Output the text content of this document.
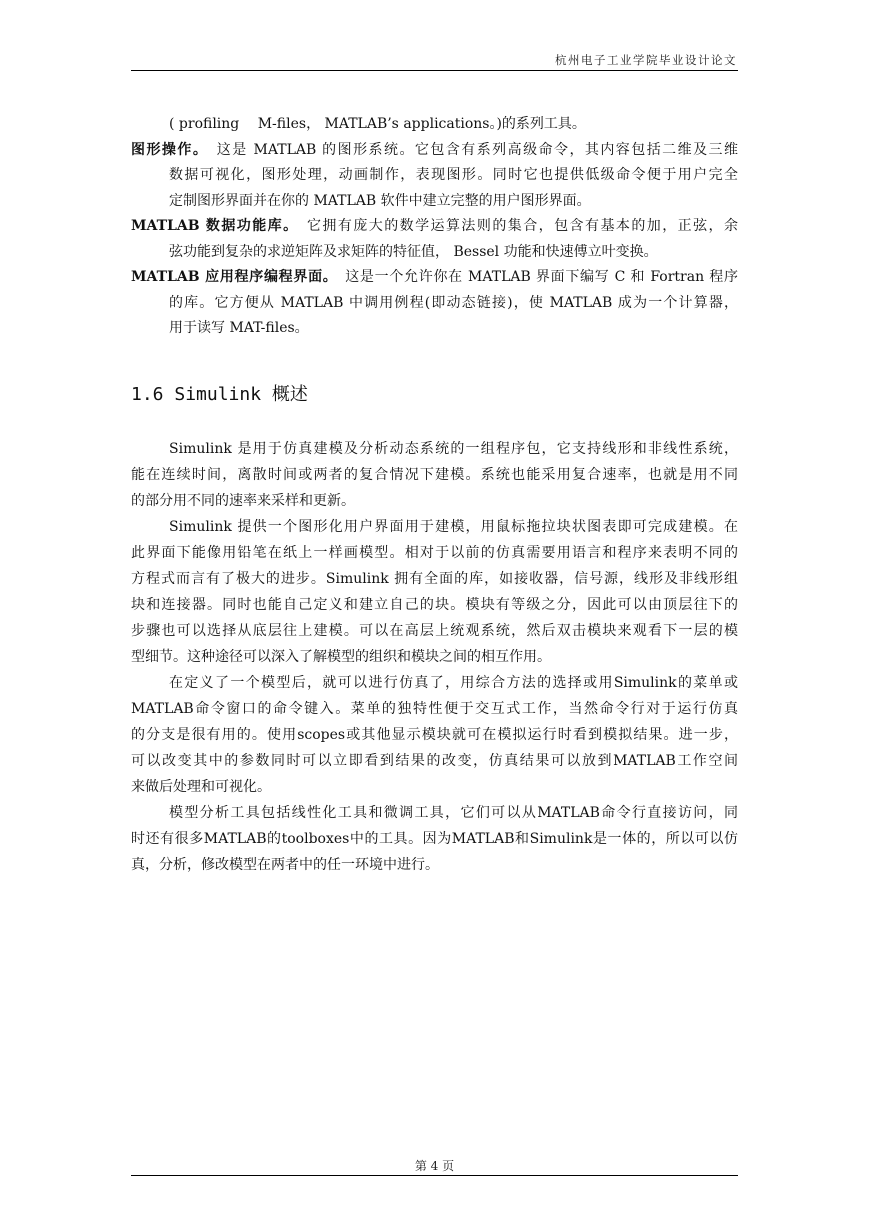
杭州电子工业学院毕业设计论文
( profiling　 M-files， MATLAB’s applications。)的系列工具。
图形操作。　这是 MATLAB 的图形系统。它包含有系列高级命令，其内容包括二维及三维
数据可视化，图形处理，动画制作，表现图形。同时它也提供低级命令便于用户完全
定制图形界面并在你的 MATLAB 软件中建立完整的用户图形界面。
MATLAB 数据功能库。　它拥有庞大的数学运算法则的集合，包含有基本的加，正弦，余
弦功能到复杂的求逆矩阵及求矩阵的特征值， Bessel 功能和快速傅立叶变换。
MATLAB 应用程序编程界面。　这是一个允许你在 MATLAB 界面下编写 C 和 Fortran 程序
的库。它方便从 MATLAB 中调用例程(即动态链接)，使 MATLAB 成为一个计算器，
用于读写 MAT-files。
1.6 Simulink 概述
Simulink 是用于仿真建模及分析动态系统的一组程序包，它支持线形和非线性系统，
能在连续时间，离散时间或两者的复合情况下建模。系统也能采用复合速率，也就是用不同
的部分用不同的速率来采样和更新。
Simulink 提供一个图形化用户界面用于建模，用鼠标拖拉块状图表即可完成建模。在
此界面下能像用铅笔在纸上一样画模型。相对于以前的仿真需要用语言和程序来表明不同的
方程式而言有了极大的进步。Simulink 拥有全面的库，如接收器，信号源，线形及非线形组
块和连接器。同时也能自己定义和建立自己的块。模块有等级之分，因此可以由顶层往下的
步骤也可以选择从底层往上建模。可以在高层上统观系统，然后双击模块来观看下一层的模
型细节。这种途径可以深入了解模型的组织和模块之间的相互作用。
在定义了一个模型后，就可以进行仿真了，用综合方法的选择或用Simulink的菜单或
MATLAB命令窗口的命令键入。菜单的独特性便于交互式工作，当然命令行对于运行仿真
的分支是很有用的。使用scopes或其他显示模块就可在模拟运行时看到模拟结果。进一步，
可以改变其中的参数同时可以立即看到结果的改变，仿真结果可以放到MATLAB工作空间
来做后处理和可视化。
模型分析工具包括线性化工具和微调工具，它们可以从MATLAB命令行直接访问，同
时还有很多MATLAB的toolboxes中的工具。因为MATLAB和Simulink是一体的，所以可以仿
真，分析，修改模型在两者中的任一环境中进行。
第 4 页
